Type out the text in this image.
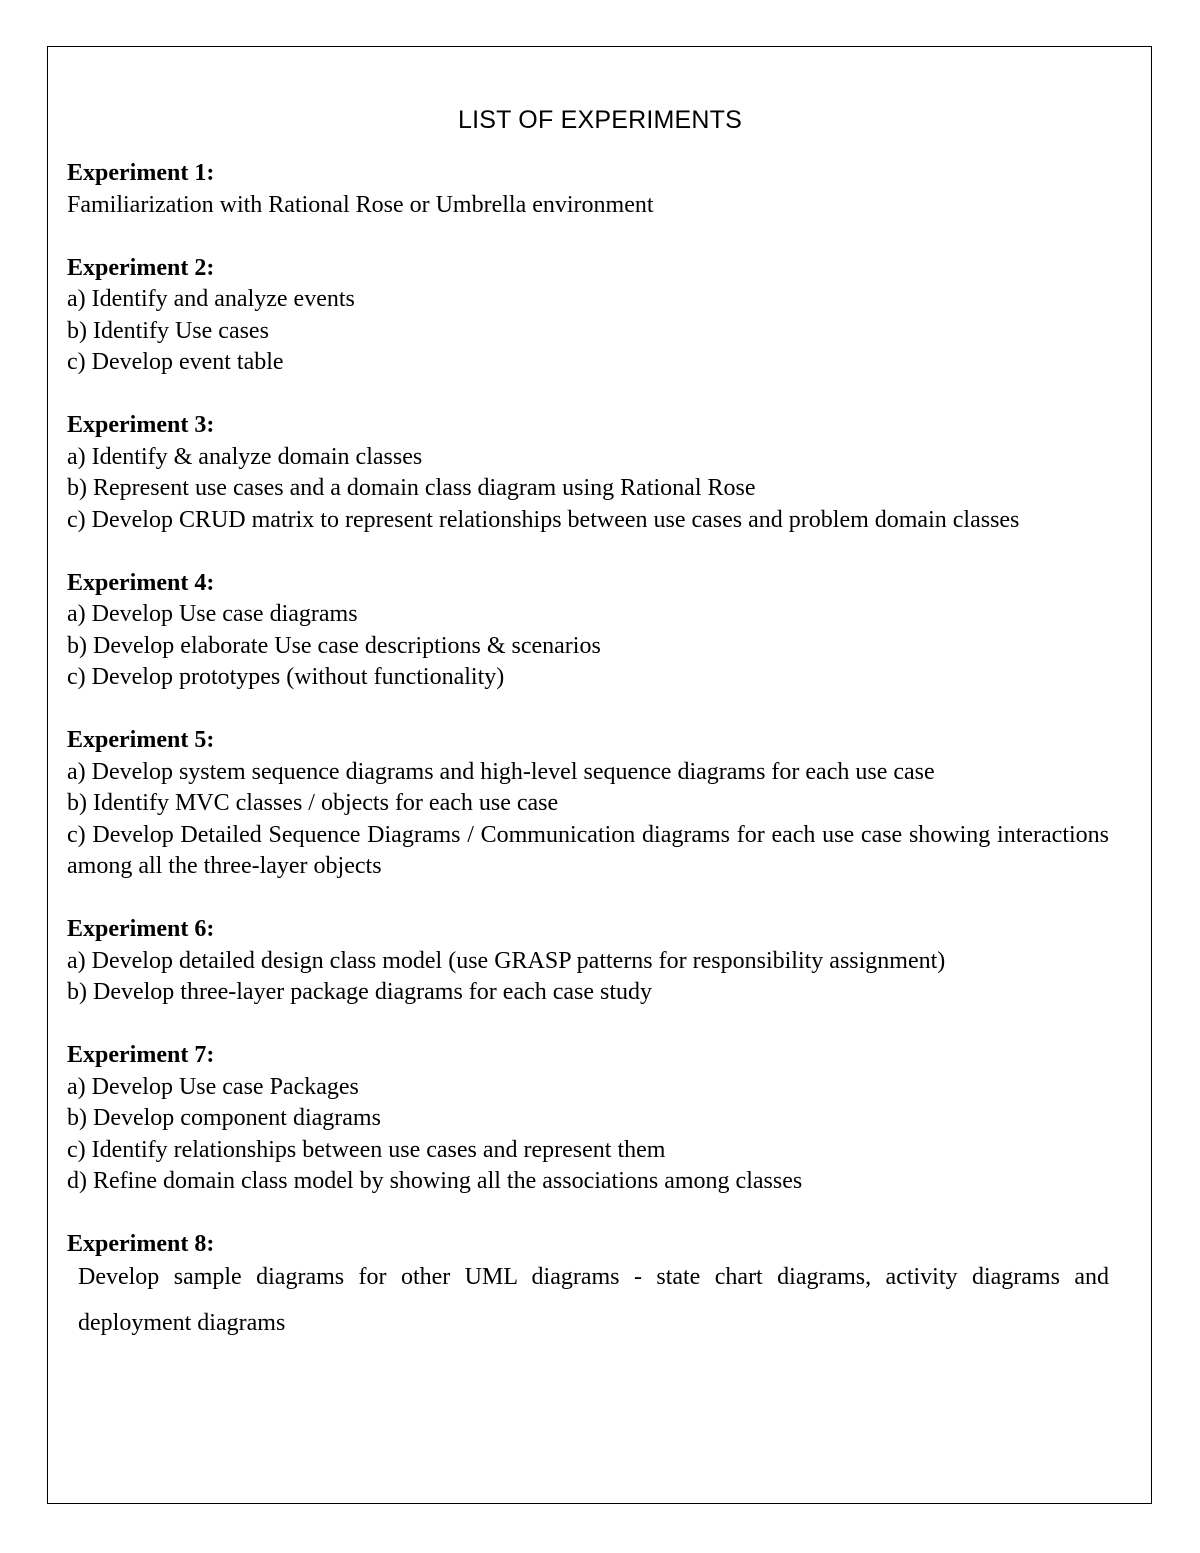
LIST OF EXPERIMENTS
Experiment 1:
Familiarization with Rational Rose or Umbrella environment
Experiment 2:
a) Identify and analyze events
b) Identify Use cases
c) Develop event table
Experiment 3:
a) Identify & analyze domain classes
b) Represent use cases and a domain class diagram using Rational Rose
c) Develop CRUD matrix to represent relationships between use cases and problem domain classes
Experiment 4:
a) Develop Use case diagrams
b) Develop elaborate Use case descriptions & scenarios
c) Develop prototypes (without functionality)
Experiment 5:
a) Develop system sequence diagrams and high-level sequence diagrams for each use case
b) Identify MVC classes / objects for each use case
c) Develop Detailed Sequence Diagrams / Communication diagrams for each use case showing interactions among all the three-layer objects
Experiment 6:
a) Develop detailed design class model (use GRASP patterns for responsibility assignment)
b) Develop three-layer package diagrams for each case study
Experiment 7:
a) Develop Use case Packages
b) Develop component diagrams
c) Identify relationships between use cases and represent them
d) Refine domain class model by showing all the associations among classes
Experiment 8:
Develop sample diagrams for other UML diagrams - state chart diagrams, activity diagrams and deployment diagrams
